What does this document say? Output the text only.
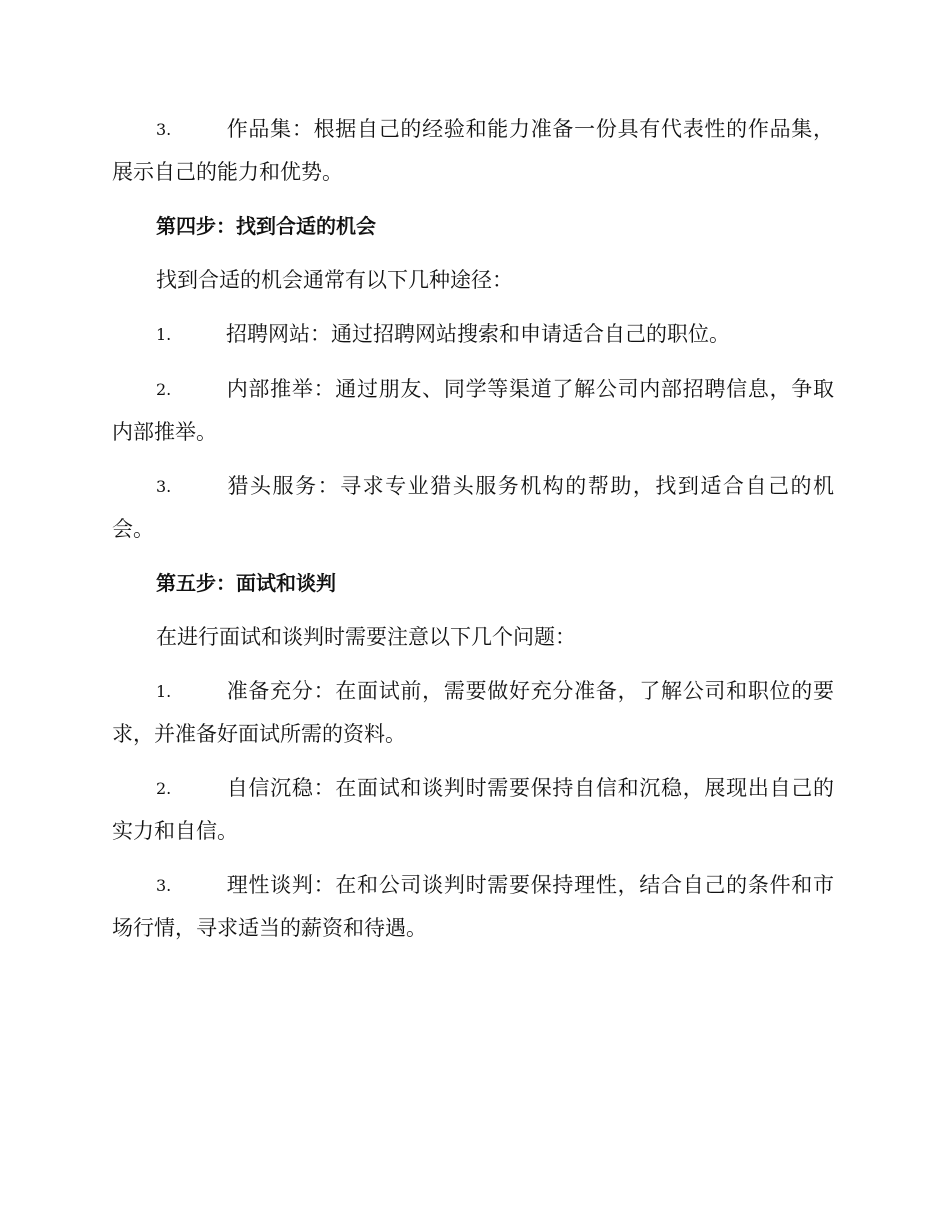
3.	作品集：根据自己的经验和能力准备一份具有代表性的作品集，展示自己的能力和优势。

第四步：找到合适的机会

找到合适的机会通常有以下几种途径：

1.	招聘网站：通过招聘网站搜索和申请适合自己的职位。

2.	内部推举：通过朋友、同学等渠道了解公司内部招聘信息，争取内部推举。

3.	猎头服务：寻求专业猎头服务机构的帮助，找到适合自己的机会。

第五步：面试和谈判

在进行面试和谈判时需要注意以下几个问题：

1.	准备充分：在面试前，需要做好充分准备，了解公司和职位的要求，并准备好面试所需的资料。

2.	自信沉稳：在面试和谈判时需要保持自信和沉稳，展现出自己的实力和自信。

3.	理性谈判：在和公司谈判时需要保持理性，结合自己的条件和市场行情，寻求适当的薪资和待遇。
